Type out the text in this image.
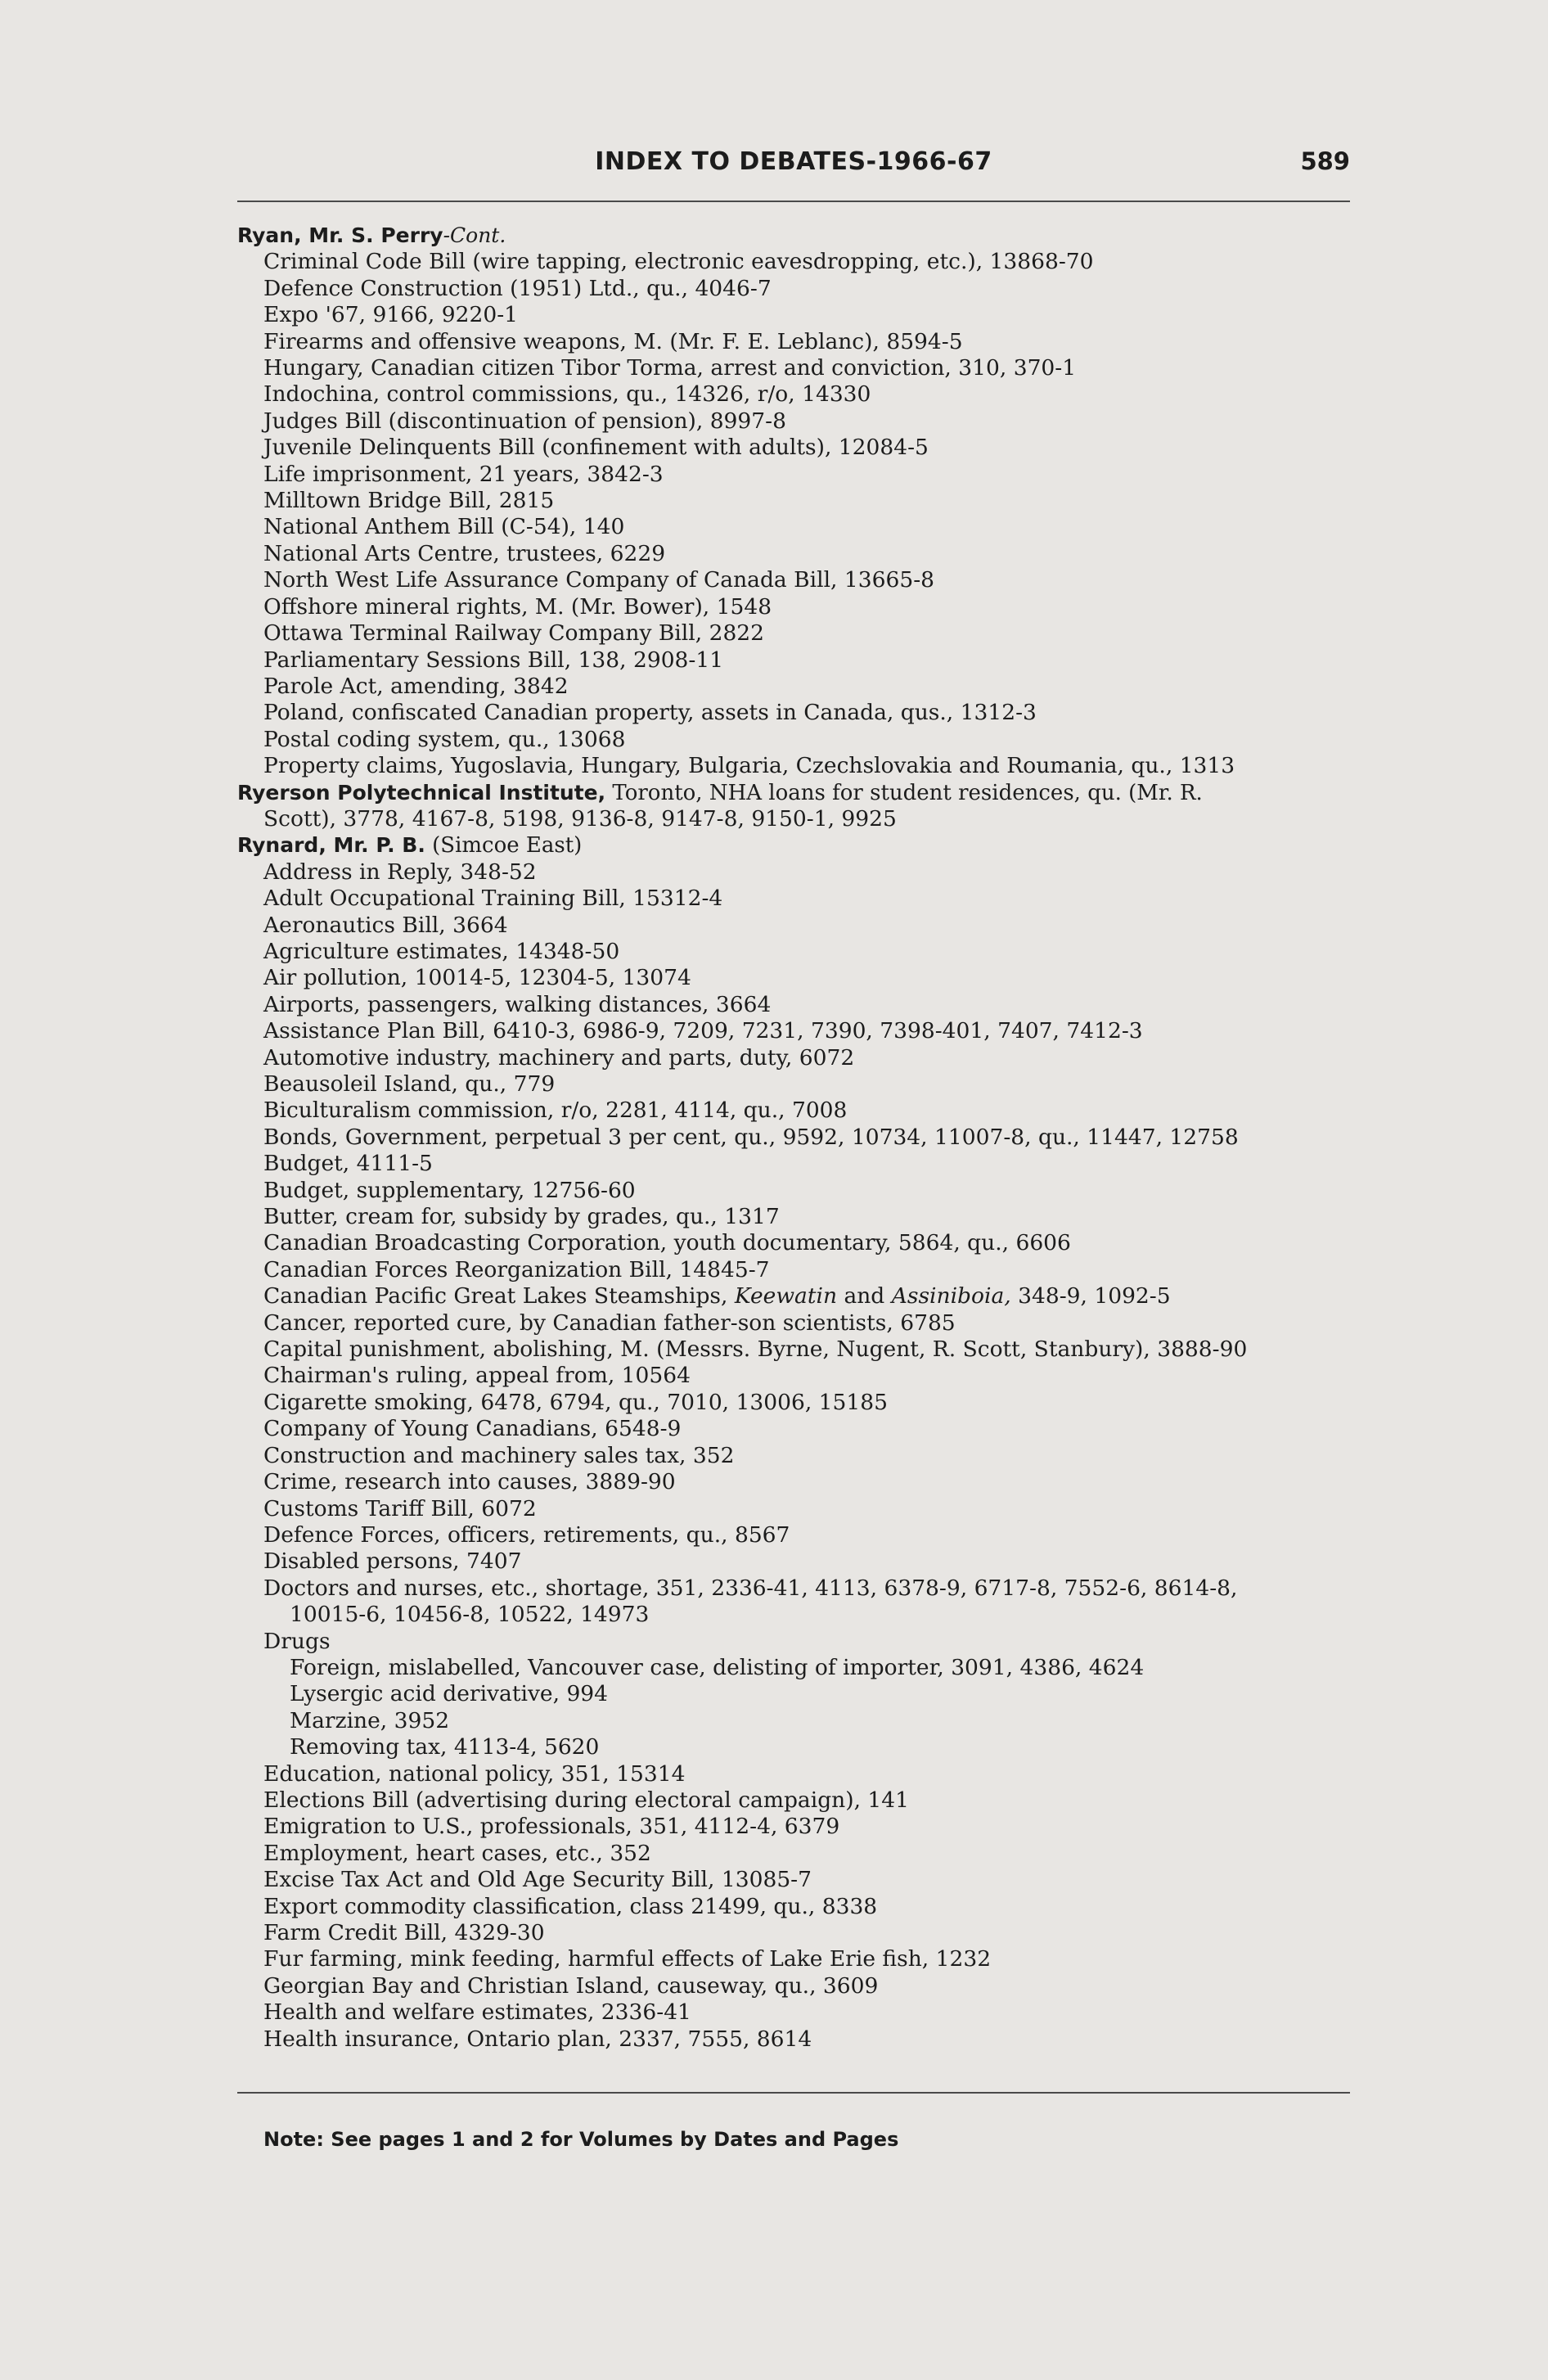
INDEX TO DEBATES-1966-67	589
Ryan, Mr. S. Perry-Cont.
Criminal Code Bill (wire tapping, electronic eavesdropping, etc.), 13868-70
Defence Construction (1951) Ltd., qu., 4046-7
Expo '67, 9166, 9220-1
Firearms and offensive weapons, M. (Mr. F. E. Leblanc), 8594-5
Hungary, Canadian citizen Tibor Torma, arrest and conviction, 310, 370-1
Indochina, control commissions, qu., 14326, r/o, 14330
Judges Bill (discontinuation of pension), 8997-8
Juvenile Delinquents Bill (confinement with adults), 12084-5
Life imprisonment, 21 years, 3842-3
Milltown Bridge Bill, 2815
National Anthem Bill (C-54), 140
National Arts Centre, trustees, 6229
North West Life Assurance Company of Canada Bill, 13665-8
Offshore mineral rights, M. (Mr. Bower), 1548
Ottawa Terminal Railway Company Bill, 2822
Parliamentary Sessions Bill, 138, 2908-11
Parole Act, amending, 3842
Poland, confiscated Canadian property, assets in Canada, qus., 1312-3
Postal coding system, qu., 13068
Property claims, Yugoslavia, Hungary, Bulgaria, Czechslovakia and Roumania, qu., 1313
Ryerson Polytechnical Institute, Toronto, NHA loans for student residences, qu. (Mr. R.
Scott), 3778, 4167-8, 5198, 9136-8, 9147-8, 9150-1, 9925
Rynard, Mr. P. B. (Simcoe East)
Address in Reply, 348-52
Adult Occupational Training Bill, 15312-4
Aeronautics Bill, 3664
Agriculture estimates, 14348-50
Air pollution, 10014-5, 12304-5, 13074
Airports, passengers, walking distances, 3664
Assistance Plan Bill, 6410-3, 6986-9, 7209, 7231, 7390, 7398-401, 7407, 7412-3
Automotive industry, machinery and parts, duty, 6072
Beausoleil Island, qu., 779
Biculturalism commission, r/o, 2281, 4114, qu., 7008
Bonds, Government, perpetual 3 per cent, qu., 9592, 10734, 11007-8, qu., 11447, 12758
Budget, 4111-5
Budget, supplementary, 12756-60
Butter, cream for, subsidy by grades, qu., 1317
Canadian Broadcasting Corporation, youth documentary, 5864, qu., 6606
Canadian Forces Reorganization Bill, 14845-7
Canadian Pacific Great Lakes Steamships, Keewatin and Assiniboia, 348-9, 1092-5
Cancer, reported cure, by Canadian father-son scientists, 6785
Capital punishment, abolishing, M. (Messrs. Byrne, Nugent, R. Scott, Stanbury), 3888-90
Chairman's ruling, appeal from, 10564
Cigarette smoking, 6478, 6794, qu., 7010, 13006, 15185
Company of Young Canadians, 6548-9
Construction and machinery sales tax, 352
Crime, research into causes, 3889-90
Customs Tariff Bill, 6072
Defence Forces, officers, retirements, qu., 8567
Disabled persons, 7407
Doctors and nurses, etc., shortage, 351, 2336-41, 4113, 6378-9, 6717-8, 7552-6, 8614-8,
10015-6, 10456-8, 10522, 14973
Drugs
Foreign, mislabelled, Vancouver case, delisting of importer, 3091, 4386, 4624
Lysergic acid derivative, 994
Marzine, 3952
Removing tax, 4113-4, 5620
Education, national policy, 351, 15314
Elections Bill (advertising during electoral campaign), 141
Emigration to U.S., professionals, 351, 4112-4, 6379
Employment, heart cases, etc., 352
Excise Tax Act and Old Age Security Bill, 13085-7
Export commodity classification, class 21499, qu., 8338
Farm Credit Bill, 4329-30
Fur farming, mink feeding, harmful effects of Lake Erie fish, 1232
Georgian Bay and Christian Island, causeway, qu., 3609
Health and welfare estimates, 2336-41
Health insurance, Ontario plan, 2337, 7555, 8614
Note: See pages 1 and 2 for Volumes by Dates and Pages
